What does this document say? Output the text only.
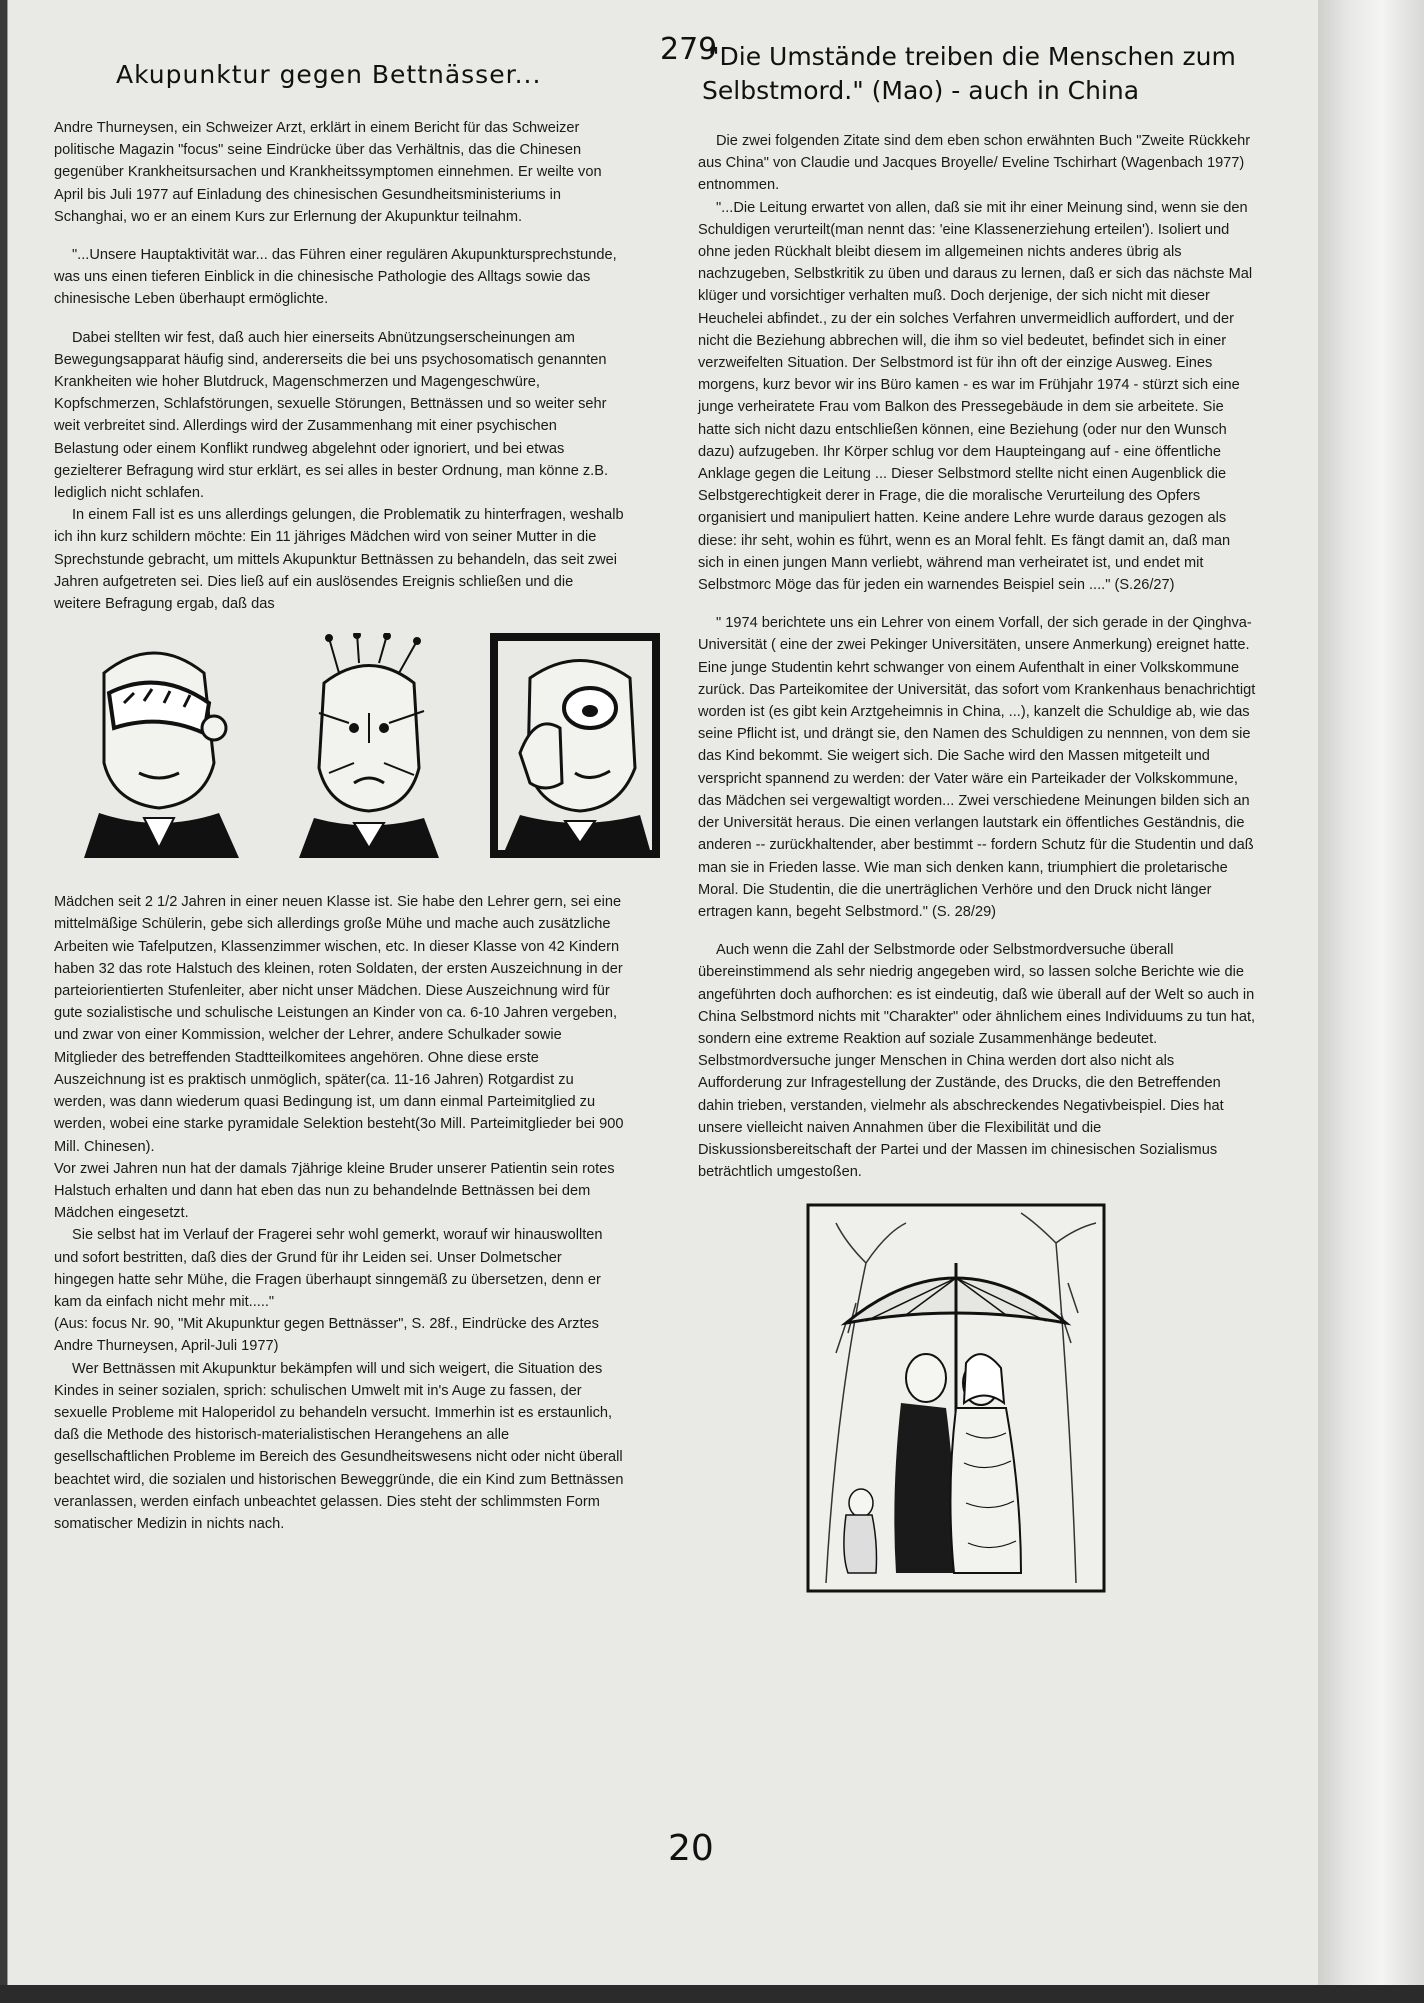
279
Akupunktur gegen Bettnässer...

Andre Thurneysen, ein Schweizer Arzt, erklärt in einem Bericht für das Schweizer politische Magazin "focus" seine Eindrücke über das Verhältnis, das die Chinesen gegenüber Krankheitsursachen und Krankheitssymptomen einnehmen. Er weilte von April bis Juli 1977 auf Einladung des chinesischen Gesundheitsministeriums in Schanghai, wo er an einem Kurs zur Erlernung der Akupunktur teilnahm.

"...Unsere Hauptaktivität war... das Führen einer regulären Akupunktursprechstunde, was uns einen tieferen Einblick in die chinesische Pathologie des Alltags sowie das chinesische Leben überhaupt ermöglichte.

Dabei stellten wir fest, daß auch hier einerseits Abnützungserscheinungen am Bewegungsapparat häufig sind, andererseits die bei uns psychosomatisch genannten Krankheiten wie hoher Blutdruck, Magenschmerzen und Magengeschwüre, Kopfschmerzen, Schlafstörungen, sexuelle Störungen, Bettnässen und so weiter sehr weit verbreitet sind. Allerdings wird der Zusammenhang mit einer psychischen Belastung oder einem Konflikt rundweg abgelehnt oder ignoriert, und bei etwas gezielterer Befragung wird stur erklärt, es sei alles in bester Ordnung, man könne z.B. lediglich nicht schlafen.

In einem Fall ist es uns allerdings gelungen, die Problematik zu hinterfragen, weshalb ich ihn kurz schildern möchte: Ein 11 jähriges Mädchen wird von seiner Mutter in die Sprechstunde gebracht, um mittels Akupunktur Bettnässen zu behandeln, das seit zwei Jahren aufgetreten sei. Dies ließ auf ein auslösendes Ereignis schließen und die weitere Befragung ergab, daß das

Mädchen seit 2 1/2 Jahren in einer neuen Klasse ist. Sie habe den Lehrer gern, sei eine mittelmäßige Schülerin, gebe sich allerdings große Mühe und mache auch zusätzliche Arbeiten wie Tafelputzen, Klassenzimmer wischen, etc. In dieser Klasse von 42 Kindern haben 32 das rote Halstuch des kleinen, roten Soldaten, der ersten Auszeichnung in der parteiorientierten Stufenleiter, aber nicht unser Mädchen. Diese Auszeichnung wird für gute sozialistische und schulische Leistungen an Kinder von ca. 6-10 Jahren vergeben, und zwar von einer Kommission, welcher der Lehrer, andere Schulkader sowie Mitglieder des betreffenden Stadtteilkomitees angehören. Ohne diese erste Auszeichnung ist es praktisch unmöglich, später(ca. 11-16 Jahren) Rotgardist zu werden, was dann wiederum quasi Bedingung ist, um dann einmal Parteimitglied zu werden, wobei eine starke pyramidale Selektion besteht(3o Mill. Parteimitglieder bei 900 Mill. Chinesen).

Vor zwei Jahren nun hat der damals 7jährige kleine Bruder unserer Patientin sein rotes Halstuch erhalten und dann hat eben das nun zu behandelnde Bettnässen bei dem Mädchen eingesetzt.

Sie selbst hat im Verlauf der Fragerei sehr wohl gemerkt, worauf wir hinauswollten und sofort bestritten, daß dies der Grund für ihr Leiden sei. Unser Dolmetscher hingegen hatte sehr Mühe, die Fragen überhaupt sinngemäß zu übersetzen, denn er kam da einfach nicht mehr mit....."

(Aus: focus Nr. 90, "Mit Akupunktur gegen Bettnässer", S. 28f., Eindrücke des Arztes Andre Thurneysen, April-Juli 1977)

Wer Bettnässen mit Akupunktur bekämpfen will und sich weigert, die Situation des Kindes in seiner sozialen, sprich: schulischen Umwelt mit in's Auge zu fassen, der sexuelle Probleme mit Haloperidol zu behandeln versucht. Immerhin ist es erstaunlich, daß die Methode des historisch-materialistischen Herangehens an alle gesellschaftlichen Probleme im Bereich des Gesundheitswesens nicht oder nicht überall beachtet wird, die sozialen und historischen Beweggründe, die ein Kind zum Bettnässen veranlassen, werden einfach unbeachtet gelassen. Dies steht der schlimmsten Form somatischer Medizin in nichts nach.

"Die Umstände treiben die Menschen zum
Selbstmord." (Mao) - auch in China

Die zwei folgenden Zitate sind dem eben schon erwähnten Buch "Zweite Rückkehr aus China" von Claudie und Jacques Broyelle/ Eveline Tschirhart (Wagenbach 1977) entnommen.

"...Die Leitung erwartet von allen, daß sie mit ihr einer Meinung sind, wenn sie den Schuldigen verurteilt(man nennt das: 'eine Klassenerziehung erteilen'). Isoliert und ohne jeden Rückhalt bleibt diesem im allgemeinen nichts anderes übrig als nachzugeben, Selbstkritik zu üben und daraus zu lernen, daß er sich das nächste Mal klüger und vorsichtiger verhalten muß. Doch derjenige, der sich nicht mit dieser Heuchelei abfindet., zu der ein solches Verfahren unvermeidlich auffordert, und der nicht die Beziehung abbrechen will, die ihm so viel bedeutet, befindet sich in einer verzweifelten Situation. Der Selbstmord ist für ihn oft der einzige Ausweg. Eines morgens, kurz bevor wir ins Büro kamen - es war im Frühjahr 1974 - stürzt sich eine junge verheiratete Frau vom Balkon des Pressegebäude in dem sie arbeitete. Sie hatte sich nicht dazu entschließen können, eine Beziehung (oder nur den Wunsch dazu) aufzugeben. Ihr Körper schlug vor dem Haupteingang auf - eine öffentliche Anklage gegen die Leitung ... Dieser Selbstmord stellte nicht einen Augenblick die Selbstgerechtigkeit derer in Frage, die die moralische Verurteilung des Opfers organisiert und manipuliert hatten. Keine andere Lehre wurde daraus gezogen als diese: ihr seht, wohin es führt, wenn es an Moral fehlt. Es fängt damit an, daß man sich in einen jungen Mann verliebt, während man verheiratet ist, und endet mit Selbstmorc Möge das für jeden ein warnendes Beispiel sein ...." (S.26/27)

" 1974 berichtete uns ein Lehrer von einem Vorfall, der sich gerade in der Qinghva-Universität ( eine der zwei Pekinger Universitäten, unsere Anmerkung) ereignet hatte. Eine junge Studentin kehrt schwanger von einem Aufenthalt in einer Volkskommune zurück. Das Parteikomitee der Universität, das sofort vom Krankenhaus benachrichtigt worden ist (es gibt kein Arztgeheimnis in China, ...), kanzelt die Schuldige ab, wie das seine Pflicht ist, und drängt sie, den Namen des Schuldigen zu nennnen, von dem sie das Kind bekommt. Sie weigert sich. Die Sache wird den Massen mitgeteilt und verspricht spannend zu werden: der Vater wäre ein Parteikader der Volkskommune, das Mädchen sei vergewaltigt worden... Zwei verschiedene Meinungen bilden sich an der Universität heraus. Die einen verlangen lautstark ein öffentliches Geständnis, die anderen -- zurückhaltender, aber bestimmt -- fordern Schutz für die Studentin und daß man sie in Frieden lasse. Wie man sich denken kann, triumphiert die proletarische Moral. Die Studentin, die die unerträglichen Verhöre und den Druck nicht länger ertragen kann, begeht Selbstmord." (S. 28/29)

Auch wenn die Zahl der Selbstmorde oder Selbstmordversuche überall übereinstimmend als sehr niedrig angegeben wird, so lassen solche Berichte wie die angeführten doch aufhorchen: es ist eindeutig, daß wie überall auf der Welt so auch in China Selbstmord nichts mit "Charakter" oder ähnlichem eines Individuums zu tun hat, sondern eine extreme Reaktion auf soziale Zusammenhänge bedeutet. Selbstmordversuche junger Menschen in China werden dort also nicht als Aufforderung zur Infragestellung der Zustände, des Drucks, die den Betreffenden dahin trieben, verstanden, vielmehr als abschreckendes Negativbeispiel. Dies hat unsere vielleicht naiven Annahmen über die Flexibilität und die Diskussionsbereitschaft der Partei und der Massen im chinesischen Sozialismus beträchtlich umgestoßen.

20
